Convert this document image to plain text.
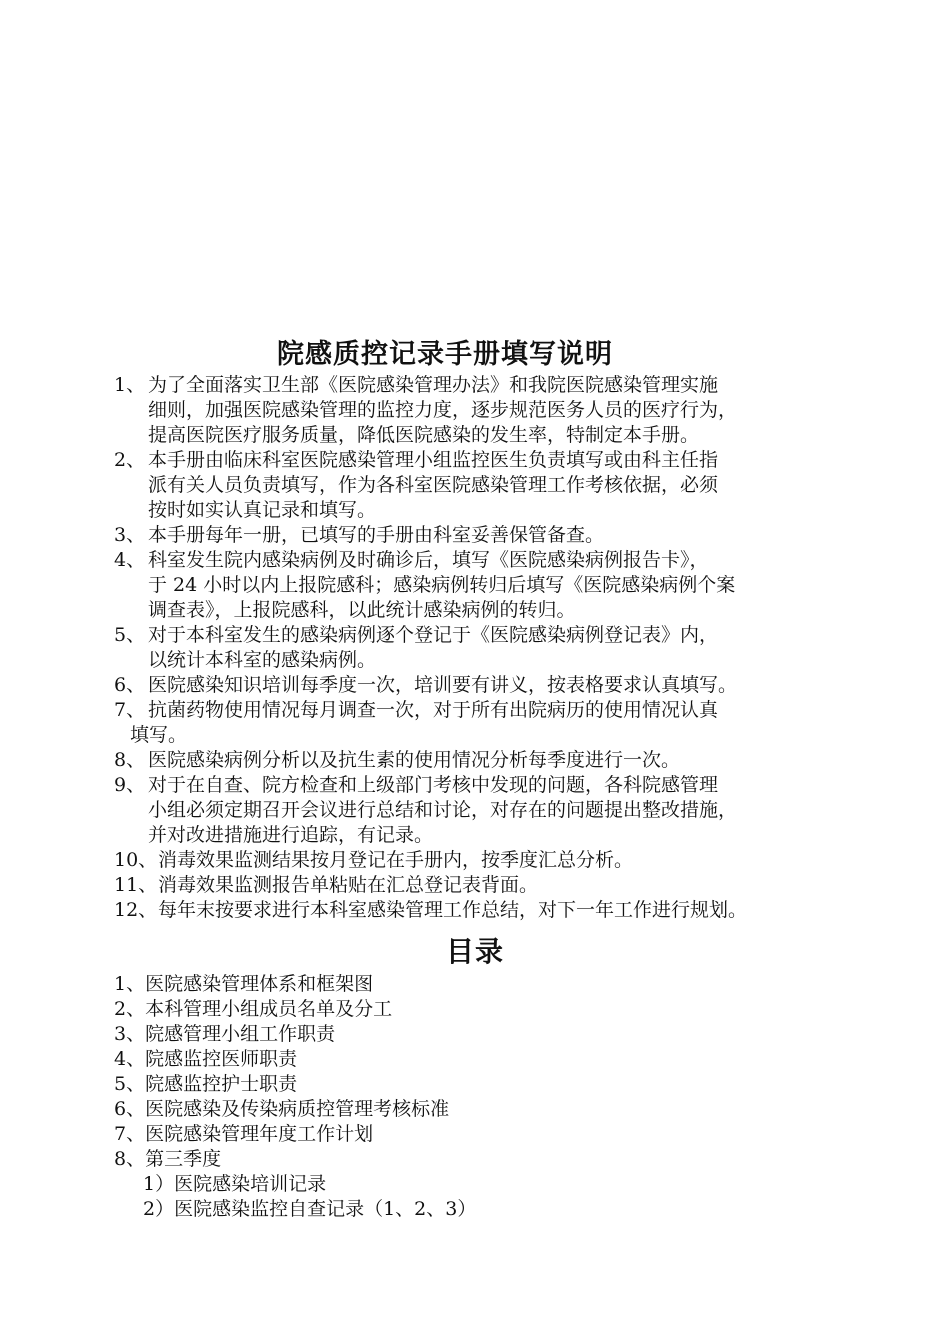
院感质控记录手册填写说明
1、 为了全面落实卫生部《医院感染管理办法》和我院医院感染管理实施
细则，加强医院感染管理的监控力度，逐步规范医务人员的医疗行为，
提高医院医疗服务质量，降低医院感染的发生率，特制定本手册。
2、 本手册由临床科室医院感染管理小组监控医生负责填写或由科主任指
派有关人员负责填写，作为各科室医院感染管理工作考核依据，必须
按时如实认真记录和填写。
3、 本手册每年一册，已填写的手册由科室妥善保管备查。
4、 科室发生院内感染病例及时确诊后，填写《医院感染病例报告卡》，
于 24 小时以内上报院感科；感染病例转归后填写《医院感染病例个案
调查表》，上报院感科，以此统计感染病例的转归。
5、 对于本科室发生的感染病例逐个登记于《医院感染病例登记表》内，
以统计本科室的感染病例。
6、 医院感染知识培训每季度一次，培训要有讲义，按表格要求认真填写。
7、 抗菌药物使用情况每月调查一次，对于所有出院病历的使用情况认真
填写。
8、 医院感染病例分析以及抗生素的使用情况分析每季度进行一次。
9、 对于在自查、院方检查和上级部门考核中发现的问题，各科院感管理
小组必须定期召开会议进行总结和讨论，对存在的问题提出整改措施，
并对改进措施进行追踪，有记录。
10、 消毒效果监测结果按月登记在手册内，按季度汇总分析。
11、 消毒效果监测报告单粘贴在汇总登记表背面。
12、 每年末按要求进行本科室感染管理工作总结，对下一年工作进行规划。
目录
1、医院感染管理体系和框架图
2、本科管理小组成员名单及分工
3、院感管理小组工作职责
4、院感监控医师职责
5、院感监控护士职责
6、医院感染及传染病质控管理考核标准
7、医院感染管理年度工作计划
8、第三季度
1）医院感染培训记录
2）医院感染监控自查记录（1、2、3）
